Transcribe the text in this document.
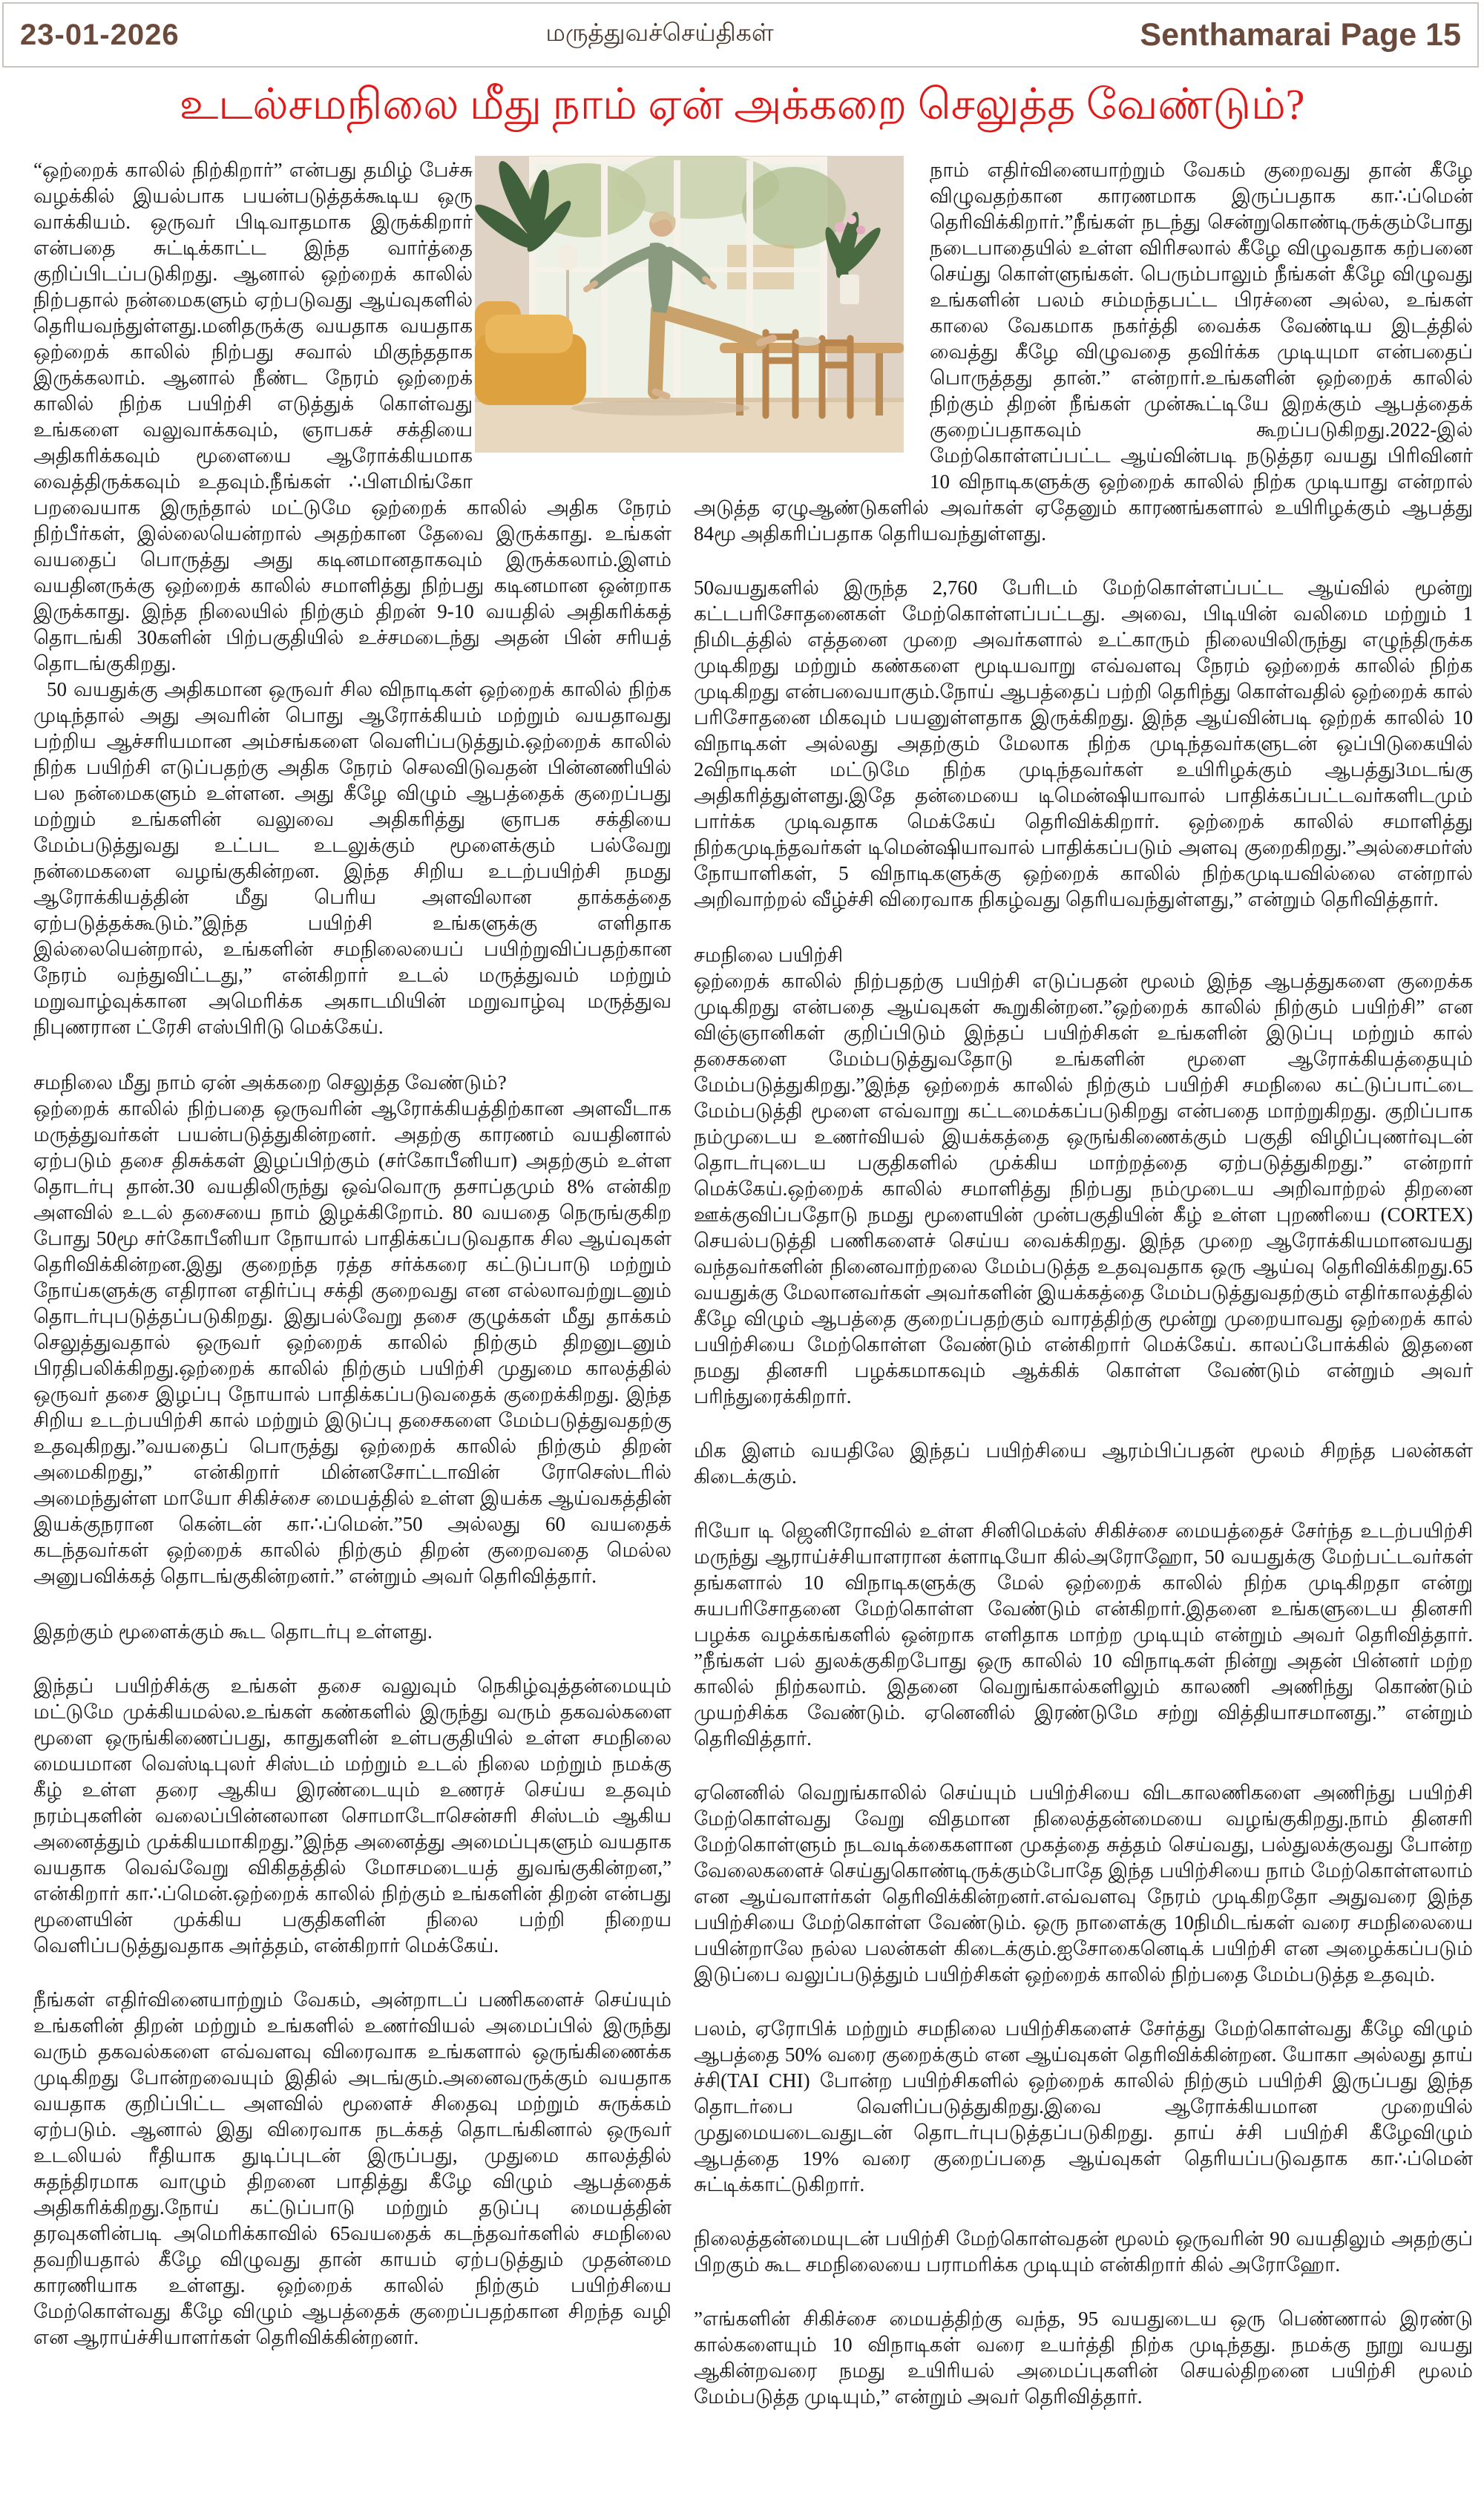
23-01-2026	மருத்துவச்செய்திகள்	Senthamarai Page 15
உடல்சமநிலை மீது நாம் ஏன் அக்கறை செலுத்த வேண்டும்?

“ஒற்றைக் காலில் நிற்கிறார்” என்பது தமிழ் பேச்சு வழக்கில் இயல்பாக பயன்படுத்தக்கூடிய ஒரு வாக்கியம். ஒருவர் பிடிவாதமாக இருக்கிறார் என்பதை சுட்டிக்காட்ட இந்த வார்த்தை குறிப்பிடப்படுகிறது. ஆனால் ஒற்றைக் காலில் நிற்பதால் நன்மைகளும் ஏற்படுவது ஆய்வுகளில் தெரியவந்துள்ளது.மனிதருக்கு வயதாக வயதாக ஒற்றைக் காலில் நிற்பது சவால் மிகுந்ததாக இருக்கலாம். ஆனால் நீண்ட நேரம் ஒற்றைக் காலில் நிற்க பயிற்சி எடுத்துக் கொள்வது உங்களை வலுவாக்கவும், ஞாபகச் சக்தியை அதிகரிக்கவும் மூளையை ஆரோக்கியமாக வைத்திருக்கவும் உதவும்.நீங்கள் ∴பிளமிங்கோ பறவையாக இருந்தால் மட்டுமே ஒற்றைக் காலில் அதிக நேரம் நிற்பீர்கள், இல்லையென்றால் அதற்கான தேவை இருக்காது. உங்கள் வயதைப் பொருத்து அது கடினமானதாகவும் இருக்கலாம்.இளம் வயதினருக்கு ஒற்றைக் காலில் சமாளித்து நிற்பது கடினமான ஒன்றாக இருக்காது. இந்த நிலையில் நிற்கும் திறன் 9-10 வயதில் அதிகரிக்கத் தொடங்கி 30களின் பிற்பகுதியில் உச்சமடைந்து அதன் பின் சரியத் தொடங்குகிறது.

50 வயதுக்கு அதிகமான ஒருவர் சில விநாடிகள் ஒற்றைக் காலில் நிற்க முடிந்தால் அது அவரின் பொது ஆரோக்கியம் மற்றும் வயதாவது பற்றிய ஆச்சரியமான அம்சங்களை வெளிப்படுத்தும்.ஒற்றைக் காலில் நிற்க பயிற்சி எடுப்பதற்கு அதிக நேரம் செலவிடுவதன் பின்னணியில் பல நன்மைகளும் உள்ளன. அது கீழே விழும் ஆபத்தைக் குறைப்பது மற்றும் உங்களின் வலுவை அதிகரித்து ஞாபக சக்தியை மேம்படுத்துவது உட்பட உடலுக்கும் மூளைக்கும் பல்வேறு நன்மைகளை வழங்குகின்றன. இந்த சிறிய உடற்பயிற்சி நமது ஆரோக்கியத்தின் மீது பெரிய அளவிலான தாக்கத்தை ஏற்படுத்தக்கூடும்.”இந்த பயிற்சி உங்களுக்கு எளிதாக இல்லையென்றால், உங்களின் சமநிலையைப் பயிற்றுவிப்பதற்கான நேரம் வந்துவிட்டது,” என்கிறார் உடல் மருத்துவம் மற்றும் மறுவாழ்வுக்கான அமெரிக்க அகாடமியின் மறுவாழ்வு மருத்துவ நிபுணரான ட்ரேசி எஸ்பிரிடு மெக்கேய்.

சமநிலை மீது நாம் ஏன் அக்கறை செலுத்த வேண்டும்?

ஒற்றைக் காலில் நிற்பதை ஒருவரின் ஆரோக்கியத்திற்கான அளவீடாக மருத்துவர்கள் பயன்படுத்துகின்றனர். அதற்கு காரணம் வயதினால் ஏற்படும் தசை திசுக்கள் இழப்பிற்கும் (சர்கோபீனியா) அதற்கும் உள்ள தொடர்பு தான்.30 வயதிலிருந்து ஒவ்வொரு தசாப்தமும் 8% என்கிற அளவில் உடல் தசையை நாம் இழக்கிறோம். 80 வயதை நெருங்குகிற போது 50மூ சர்கோபீனியா நோயால் பாதிக்கப்படுவதாக சில ஆய்வுகள் தெரிவிக்கின்றன.இது குறைந்த ரத்த சர்க்கரை கட்டுப்பாடு மற்றும் நோய்களுக்கு எதிரான எதிர்ப்பு சக்தி குறைவது என எல்லாவற்றுடனும் தொடர்புபடுத்தப்படுகிறது. இதுபல்வேறு தசை குழுக்கள் மீது தாக்கம் செலுத்துவதால் ஒருவர் ஒற்றைக் காலில் நிற்கும் திறனுடனும் பிரதிபலிக்கிறது.ஒற்றைக் காலில் நிற்கும் பயிற்சி முதுமை காலத்தில் ஒருவர் தசை இழப்பு நோயால் பாதிக்கப்படுவதைக் குறைக்கிறது. இந்த சிறிய உடற்பயிற்சி கால் மற்றும் இடுப்பு தசைகளை மேம்படுத்துவதற்கு உதவுகிறது.”வயதைப் பொருத்து ஒற்றைக் காலில் நிற்கும் திறன் அமைகிறது,” என்கிறார் மின்னசோட்டாவின் ரோசெஸ்டரில் அமைந்துள்ள மாயோ சிகிச்சை மையத்தில் உள்ள இயக்க ஆய்வகத்தின் இயக்குநரான கென்டன் கா∴ப்மென்.”50 அல்லது 60 வயதைக் கடந்தவர்கள் ஒற்றைக் காலில் நிற்கும் திறன் குறைவதை மெல்ல அனுபவிக்கத் தொடங்குகின்றனர்.” என்றும் அவர் தெரிவித்தார்.

இதற்கும் மூளைக்கும் கூட தொடர்பு உள்ளது.

இந்தப் பயிற்சிக்கு உங்கள் தசை வலுவும் நெகிழ்வுத்தன்மையும் மட்டுமே முக்கியமல்ல.உங்கள் கண்களில் இருந்து வரும் தகவல்களை மூளை ஒருங்கிணைப்பது, காதுகளின் உள்பகுதியில் உள்ள சமநிலை மையமான வெஸ்டிபுலர் சிஸ்டம் மற்றும் உடல் நிலை மற்றும் நமக்கு கீழ் உள்ள தரை ஆகிய இரண்டையும் உணரச் செய்ய உதவும் நரம்புகளின் வலைப்பின்னலான சொமாடோசென்சரி சிஸ்டம் ஆகிய அனைத்தும் முக்கியமாகிறது.”இந்த அனைத்து அமைப்புகளும் வயதாக வயதாக வெவ்வேறு விகிதத்தில் மோசமடையத் துவங்குகின்றன,” என்கிறார் கா∴ப்மென்.ஒற்றைக் காலில் நிற்கும் உங்களின் திறன் என்பது மூளையின் முக்கிய பகுதிகளின் நிலை பற்றி நிறைய வெளிப்படுத்துவதாக அர்த்தம், என்கிறார் மெக்கேய்.

நீங்கள் எதிர்வினையாற்றும் வேகம், அன்றாடப் பணிகளைச் செய்யும் உங்களின் திறன் மற்றும் உங்களில் உணர்வியல் அமைப்பில் இருந்து வரும் தகவல்களை எவ்வளவு விரைவாக உங்களால் ஒருங்கிணைக்க முடிகிறது போன்றவையும் இதில் அடங்கும்.அனைவருக்கும் வயதாக வயதாக குறிப்பிட்ட அளவில் மூளைச் சிதைவு மற்றும் சுருக்கம் ஏற்படும். ஆனால் இது விரைவாக நடக்கத் தொடங்கினால் ஒருவர் உடலியல் ரீதியாக துடிப்புடன் இருப்பது, முதுமை காலத்தில் சுதந்திரமாக வாழும் திறனை பாதித்து கீழே விழும் ஆபத்தைக் அதிகரிக்கிறது.நோய் கட்டுப்பாடு மற்றும் தடுப்பு மையத்தின் தரவுகளின்படி அமெரிக்காவில் 65வயதைக் கடந்தவர்களில் சமநிலை தவறியதால் கீழே விழுவது தான் காயம் ஏற்படுத்தும் முதன்மை காரணியாக உள்ளது. ஒற்றைக் காலில் நிற்கும் பயிற்சியை மேற்கொள்வது கீழே விழும் ஆபத்தைக் குறைப்பதற்கான சிறந்த வழி என ஆராய்ச்சியாளர்கள் தெரிவிக்கின்றனர்.

நாம் எதிர்வினையாற்றும் வேகம் குறைவது தான் கீழே விழுவதற்கான காரணமாக இருப்பதாக கா∴ப்மென் தெரிவிக்கிறார்.”நீங்கள் நடந்து சென்றுகொண்டிருக்கும்போது நடைபாதையில் உள்ள விரிசலால் கீழே விழுவதாக கற்பனை செய்து கொள்ளுங்கள். பெரும்பாலும் நீங்கள் கீழே விழுவது உங்களின் பலம் சம்மந்தபட்ட பிரச்னை அல்ல, உங்கள் காலை வேகமாக நகர்த்தி வைக்க வேண்டிய இடத்தில் வைத்து கீழே விழுவதை தவிர்க்க முடியுமா என்பதைப் பொருத்தது தான்.” என்றார்.உங்களின் ஒற்றைக் காலில் நிற்கும் திறன் நீங்கள் முன்கூட்டியே இறக்கும் ஆபத்தைக் குறைப்பதாகவும் கூறப்படுகிறது.2022-இல் மேற்கொள்ளப்பட்ட ஆய்வின்படி நடுத்தர வயது பிரிவினர் 10 விநாடிகளுக்கு ஒற்றைக் காலில் நிற்க முடியாது என்றால் அடுத்த ஏழுஆண்டுகளில் அவர்கள் ஏதேனும் காரணங்களால் உயிரிழக்கும் ஆபத்து 84மூ அதிகரிப்பதாக தெரியவந்துள்ளது.

50வயதுகளில் இருந்த 2,760 பேரிடம் மேற்கொள்ளப்பட்ட ஆய்வில் மூன்று கட்டபரிசோதனைகள் மேற்கொள்ளப்பட்டது. அவை, பிடியின் வலிமை மற்றும் 1 நிமிடத்தில் எத்தனை முறை அவர்களால் உட்காரும் நிலையிலிருந்து எழுந்திருக்க முடிகிறது மற்றும் கண்களை மூடியவாறு எவ்வளவு நேரம் ஒற்றைக் காலில் நிற்க முடிகிறது என்பவையாகும்.நோய் ஆபத்தைப் பற்றி தெரிந்து கொள்வதில் ஒற்றைக் கால் பரிசோதனை மிகவும் பயனுள்ளதாக இருக்கிறது. இந்த ஆய்வின்படி ஒற்றக் காலில் 10 விநாடிகள் அல்லது அதற்கும் மேலாக நிற்க முடிந்தவர்களுடன் ஒப்பிடுகையில் 2விநாடிகள் மட்டுமே நிற்க முடிந்தவர்கள் உயிரிழக்கும் ஆபத்து3மடங்கு அதிகரித்துள்ளது.இதே தன்மையை டிமென்ஷியாவால் பாதிக்கப்பட்டவர்களிடமும் பார்க்க முடிவதாக மெக்கேய் தெரிவிக்கிறார். ஒற்றைக் காலில் சமாளித்து நிற்கமுடிந்தவர்கள் டிமென்ஷியாவால் பாதிக்கப்படும் அளவு குறைகிறது.”அல்சைமர்ஸ் நோயாளிகள், 5 விநாடிகளுக்கு ஒற்றைக் காலில் நிற்கமுடியவில்லை என்றால் அறிவாற்றல் வீழ்ச்சி விரைவாக நிகழ்வது தெரியவந்துள்ளது,” என்றும் தெரிவித்தார்.

சமநிலை பயிற்சி

ஒற்றைக் காலில் நிற்பதற்கு பயிற்சி எடுப்பதன் மூலம் இந்த ஆபத்துகளை குறைக்க முடிகிறது என்பதை ஆய்வுகள் கூறுகின்றன.”ஒற்றைக் காலில் நிற்கும் பயிற்சி” என விஞ்ஞானிகள் குறிப்பிடும் இந்தப் பயிற்சிகள் உங்களின் இடுப்பு மற்றும் கால் தசைகளை மேம்படுத்துவதோடு உங்களின் மூளை ஆரோக்கியத்தையும் மேம்படுத்துகிறது.”இந்த ஒற்றைக் காலில் நிற்கும் பயிற்சி சமநிலை கட்டுப்பாட்டை மேம்படுத்தி மூளை எவ்வாறு கட்டமைக்கப்படுகிறது என்பதை மாற்றுகிறது. குறிப்பாக நம்முடைய உணர்வியல் இயக்கத்தை ஒருங்கிணைக்கும் பகுதி விழிப்புணர்வுடன் தொடர்புடைய பகுதிகளில் முக்கிய மாற்றத்தை ஏற்படுத்துகிறது.” என்றார் மெக்கேய்.ஒற்றைக் காலில் சமாளித்து நிற்பது நம்முடைய அறிவாற்றல் திறனை ஊக்குவிப்பதோடு நமது மூளையின் முன்பகுதியின் கீழ் உள்ள புறணியை (CORTEX) செயல்படுத்தி பணிகளைச் செய்ய வைக்கிறது. இந்த முறை ஆரோக்கியமானவயது வந்தவர்களின் நினைவாற்றலை மேம்படுத்த உதவுவதாக ஒரு ஆய்வு தெரிவிக்கிறது.65 வயதுக்கு மேலானவர்கள் அவர்களின் இயக்கத்தை மேம்படுத்துவதற்கும் எதிர்காலத்தில் கீழே விழும் ஆபத்தை குறைப்பதற்கும் வாரத்திற்கு மூன்று முறையாவது ஒற்றைக் கால் பயிற்சியை மேற்கொள்ள வேண்டும் என்கிறார் மெக்கேய். காலப்போக்கில் இதனை நமது தினசரி பழக்கமாகவும் ஆக்கிக் கொள்ள வேண்டும் என்றும் அவர் பரிந்துரைக்கிறார்.

மிக இளம் வயதிலே இந்தப் பயிற்சியை ஆரம்பிப்பதன் மூலம் சிறந்த பலன்கள் கிடைக்கும்.

ரியோ டி ஜெனிரோவில் உள்ள சினிமெக்ஸ் சிகிச்சை மையத்தைச் சேர்ந்த உடற்பயிற்சி மருந்து ஆராய்ச்சியாளரான க்ளாடியோ கில்அரோஹோ, 50 வயதுக்கு மேற்பட்டவர்கள் தங்களால் 10 விநாடிகளுக்கு மேல் ஒற்றைக் காலில் நிற்க முடிகிறதா என்று சுயபரிசோதனை மேற்கொள்ள வேண்டும் என்கிறார்.இதனை உங்களுடைய தினசரி பழக்க வழக்கங்களில் ஒன்றாக எளிதாக மாற்ற முடியும் என்றும் அவர் தெரிவித்தார். ”நீங்கள் பல் துலக்குகிறபோது ஒரு காலில் 10 விநாடிகள் நின்று அதன் பின்னர் மற்ற காலில் நிற்கலாம். இதனை வெறுங்கால்களிலும் காலணி அணிந்து கொண்டும் முயற்சிக்க வேண்டும். ஏனெனில் இரண்டுமே சற்று வித்தியாசமானது.” என்றும் தெரிவித்தார்.

ஏனெனில் வெறுங்காலில் செய்யும் பயிற்சியை விடகாலணிகளை அணிந்து பயிற்சி மேற்கொள்வது வேறு விதமான நிலைத்தன்மையை வழங்குகிறது.நாம் தினசரி மேற்கொள்ளும் நடவடிக்கைகளான முகத்தை சுத்தம் செய்வது, பல்துலக்குவது போன்ற வேலைகளைச் செய்துகொண்டிருக்கும்போதே இந்த பயிற்சியை நாம் மேற்கொள்ளலாம் என ஆய்வாளர்கள் தெரிவிக்கின்றனர்.எவ்வளவு நேரம் முடிகிறதோ அதுவரை இந்த பயிற்சியை மேற்கொள்ள வேண்டும். ஒரு நாளைக்கு 10நிமிடங்கள் வரை சமநிலையை பயின்றாலே நல்ல பலன்கள் கிடைக்கும்.ஐசோகைனெடிக் பயிற்சி என அழைக்கப்படும் இடுப்பை வலுப்படுத்தும் பயிற்சிகள் ஒற்றைக் காலில் நிற்பதை மேம்படுத்த உதவும்.

பலம், ஏரோபிக் மற்றும் சமநிலை பயிற்சிகளைச் சேர்த்து மேற்கொள்வது கீழே விழும் ஆபத்தை 50% வரை குறைக்கும் என ஆய்வுகள் தெரிவிக்கின்றன. யோகா அல்லது தாய் ச்சி(TAI CHI) போன்ற பயிற்சிகளில் ஒற்றைக் காலில் நிற்கும் பயிற்சி இருப்பது இந்த தொடர்பை வெளிப்படுத்துகிறது.இவை ஆரோக்கியமான முறையில் முதுமையடைவதுடன் தொடர்புபடுத்தப்படுகிறது. தாய் ச்சி பயிற்சி கீழேவிழும் ஆபத்தை 19% வரை குறைப்பதை ஆய்வுகள் தெரியப்படுவதாக கா∴ப்மென் சுட்டிக்காட்டுகிறார்.

நிலைத்தன்மையுடன் பயிற்சி மேற்கொள்வதன் மூலம் ஒருவரின் 90 வயதிலும் அதற்குப் பிறகும் கூட சமநிலையை பராமரிக்க முடியும் என்கிறார் கில் அரோஹோ.

”எங்களின் சிகிச்சை மையத்திற்கு வந்த, 95 வயதுடைய ஒரு பெண்ணால் இரண்டு கால்களையும் 10 விநாடிகள் வரை உயர்த்தி நிற்க முடிந்தது. நமக்கு நூறு வயது ஆகின்றவரை நமது உயிரியல் அமைப்புகளின் செயல்திறனை பயிற்சி மூலம் மேம்படுத்த முடியும்,” என்றும் அவர் தெரிவித்தார்.
